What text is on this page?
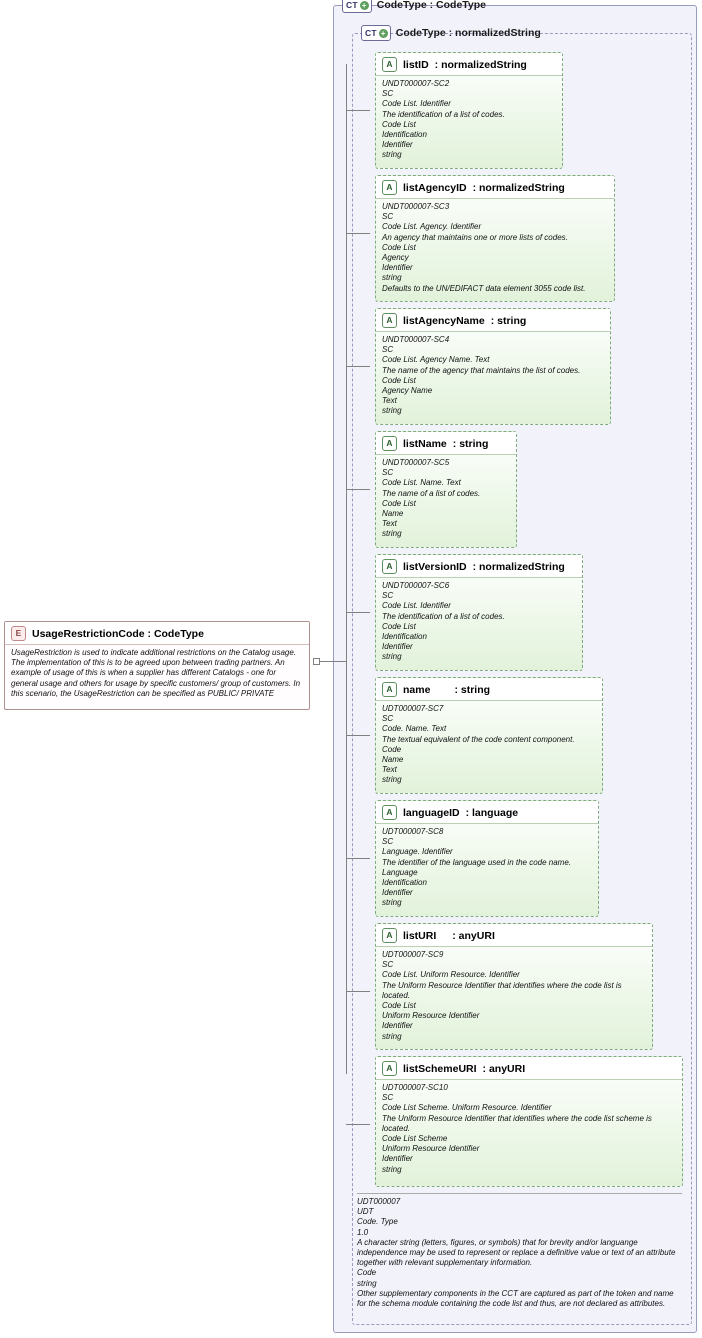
CT + CodeType : CodeType
CT + CodeType : normalizedString
E	UsageRestrictionCode : CodeType
UsageRestriction is used to indicate additional restrictions on the Catalog usage. The implementation of this is to be agreed upon between trading partners. An example of usage of this is when a supplier has different Catalogs - one for general usage and others for usage by specific customers/ group of customers. In this scenario, the UsageRestriction can be specified as PUBLIC/ PRIVATE
A listID : normalizedString
UNDT000007-SC2
SC
Code List. Identifier
The identification of a list of codes.
Code List
Identification
Identifier
string
A listAgencyID : normalizedString
UNDT000007-SC3
SC
Code List. Agency. Identifier
An agency that maintains one or more lists of codes.
Code List
Agency
Identifier
string
Defaults to the UN/EDIFACT data element 3055 code list.
A listAgencyName : string
UNDT000007-SC4
SC
Code List. Agency Name. Text
The name of the agency that maintains the list of codes.
Code List
Agency Name
Text
string
A listName : string
UNDT000007-SC5
SC
Code List. Name. Text
The name of a list of codes.
Code List
Name
Text
string
A listVersionID : normalizedString
UNDT000007-SC6
SC
Code List. Identifier
The identification of a list of codes.
Code List
Identification
Identifier
string
A name : string
UDT000007-SC7
SC
Code. Name. Text
The textual equivalent of the code content component.
Code
Name
Text
string
A languageID : language
UDT000007-SC8
SC
Language. Identifier
The identifier of the language used in the code name.
Language
Identification
Identifier
string
A listURI : anyURI
UDT000007-SC9
SC
Code List. Uniform Resource. Identifier
The Uniform Resource Identifier that identifies where the code list is located.
Code List
Uniform Resource Identifier
Identifier
string
A listSchemeURI : anyURI
UDT000007-SC10
SC
Code List Scheme. Uniform Resource. Identifier
The Uniform Resource Identifier that identifies where the code list scheme is located.
Code List Scheme
Uniform Resource Identifier
Identifier
string
UDT000007
UDT
Code. Type
1.0
A character string (letters, figures, or symbols) that for brevity and/or languange independence may be used to represent or replace a definitive value or text of an attribute together with relevant supplementary information.
Code
string
Other supplementary components in the CCT are captured as part of the token and name for the schema module containing the code list and thus, are not declared as attributes.
